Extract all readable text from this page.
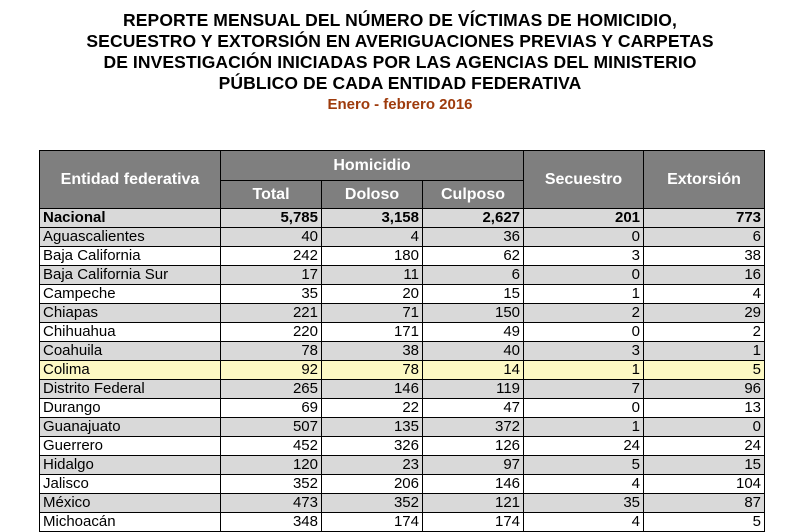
REPORTE MENSUAL DEL NÚMERO DE VÍCTIMAS DE HOMICIDIO,
SECUESTRO Y EXTORSIÓN EN AVERIGUACIONES PREVIAS Y CARPETAS
DE INVESTIGACIÓN INICIADAS POR LAS AGENCIAS DEL MINISTERIO
PÚBLICO DE CADA ENTIDAD FEDERATIVA
Enero - febrero 2016
Entidad federativa	Homicidio			Secuestro	Extorsión
	Total	Doloso	Culposo		
Nacional	5,785	3,158	2,627	201	773
Aguascalientes	40	4	36	0	6
Baja California	242	180	62	3	38
Baja California Sur	17	11	6	0	16
Campeche	35	20	15	1	4
Chiapas	221	71	150	2	29
Chihuahua	220	171	49	0	2
Coahuila	78	38	40	3	1
Colima	92	78	14	1	5
Distrito Federal	265	146	119	7	96
Durango	69	22	47	0	13
Guanajuato	507	135	372	1	0
Guerrero	452	326	126	24	24
Hidalgo	120	23	97	5	15
Jalisco	352	206	146	4	104
México	473	352	121	35	87
Michoacán	348	174	174	4	5
